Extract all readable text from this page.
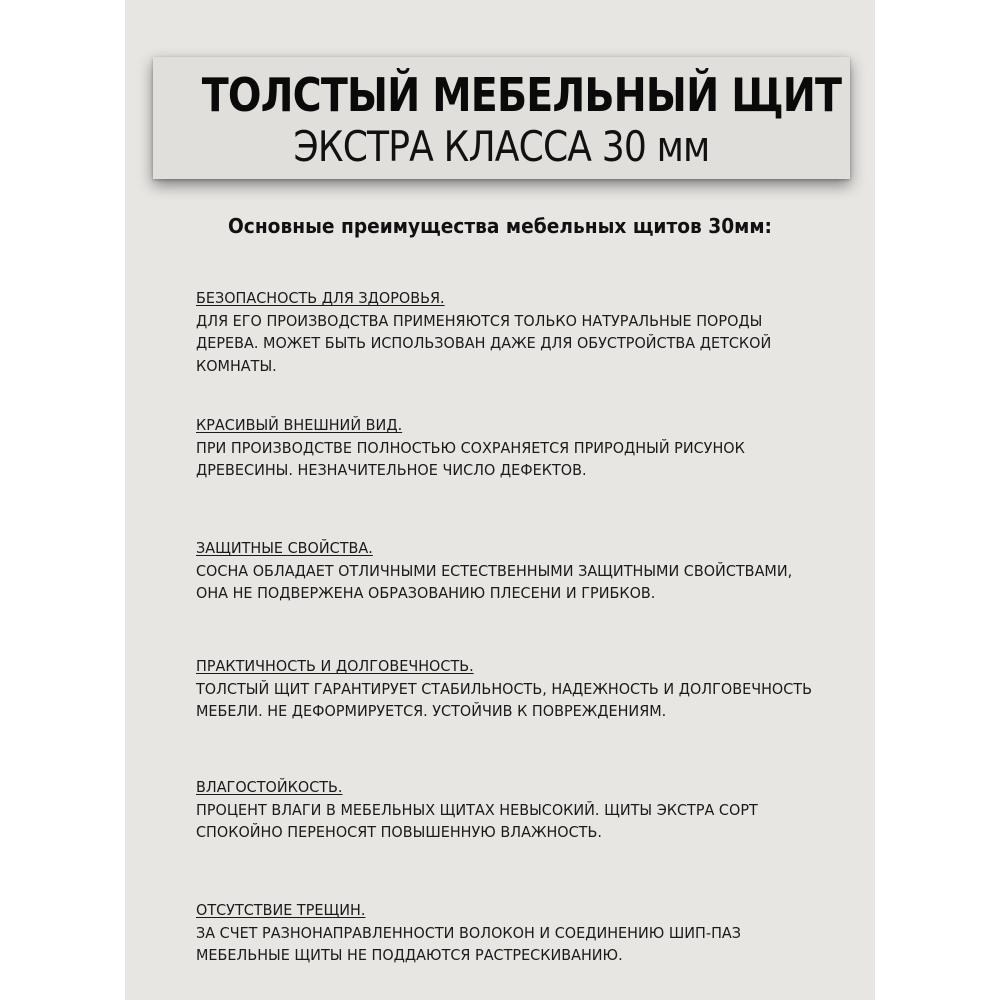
ТОЛСТЫЙ МЕБЕЛЬНЫЙ ЩИТ
ЭКСТРА КЛАССА 30 мм
Основные преимущества мебельных щитов 30мм:
БЕЗОПАСНОСТЬ ДЛЯ ЗДОРОВЬЯ.
ДЛЯ ЕГО ПРОИЗВОДСТВА ПРИМЕНЯЮТСЯ ТОЛЬКО НАТУРАЛЬНЫЕ ПОРОДЫ
ДЕРЕВА. МОЖЕТ БЫТЬ ИСПОЛЬЗОВАН ДАЖЕ ДЛЯ ОБУСТРОЙСТВА ДЕТСКОЙ
КОМНАТЫ.
КРАСИВЫЙ ВНЕШНИЙ ВИД.
ПРИ ПРОИЗВОДСТВЕ ПОЛНОСТЬЮ СОХРАНЯЕТСЯ ПРИРОДНЫЙ РИСУНОК
ДРЕВЕСИНЫ. НЕЗНАЧИТЕЛЬНОЕ ЧИСЛО ДЕФЕКТОВ.
ЗАЩИТНЫЕ СВОЙСТВА.
СОСНА ОБЛАДАЕТ ОТЛИЧНЫМИ ЕСТЕСТВЕННЫМИ ЗАЩИТНЫМИ СВОЙСТВАМИ,
ОНА НЕ ПОДВЕРЖЕНА ОБРАЗОВАНИЮ ПЛЕСЕНИ И ГРИБКОВ.
ПРАКТИЧНОСТЬ И ДОЛГОВЕЧНОСТЬ.
ТОЛСТЫЙ ЩИТ ГАРАНТИРУЕТ СТАБИЛЬНОСТЬ, НАДЕЖНОСТЬ И ДОЛГОВЕЧНОСТЬ
МЕБЕЛИ. НЕ ДЕФОРМИРУЕТСЯ. УСТОЙЧИВ К ПОВРЕЖДЕНИЯМ.
ВЛАГОСТОЙКОСТЬ.
ПРОЦЕНТ ВЛАГИ В МЕБЕЛЬНЫХ ЩИТАХ НЕВЫСОКИЙ. ЩИТЫ ЭКСТРА СОРТ
СПОКОЙНО ПЕРЕНОСЯТ ПОВЫШЕННУЮ ВЛАЖНОСТЬ.
ОТСУТСТВИЕ ТРЕЩИН.
ЗА СЧЕТ РАЗНОНАПРАВЛЕННОСТИ ВОЛОКОН И СОЕДИНЕНИЮ ШИП-ПАЗ
МЕБЕЛЬНЫЕ ЩИТЫ НЕ ПОДДАЮТСЯ РАСТРЕСКИВАНИЮ.
